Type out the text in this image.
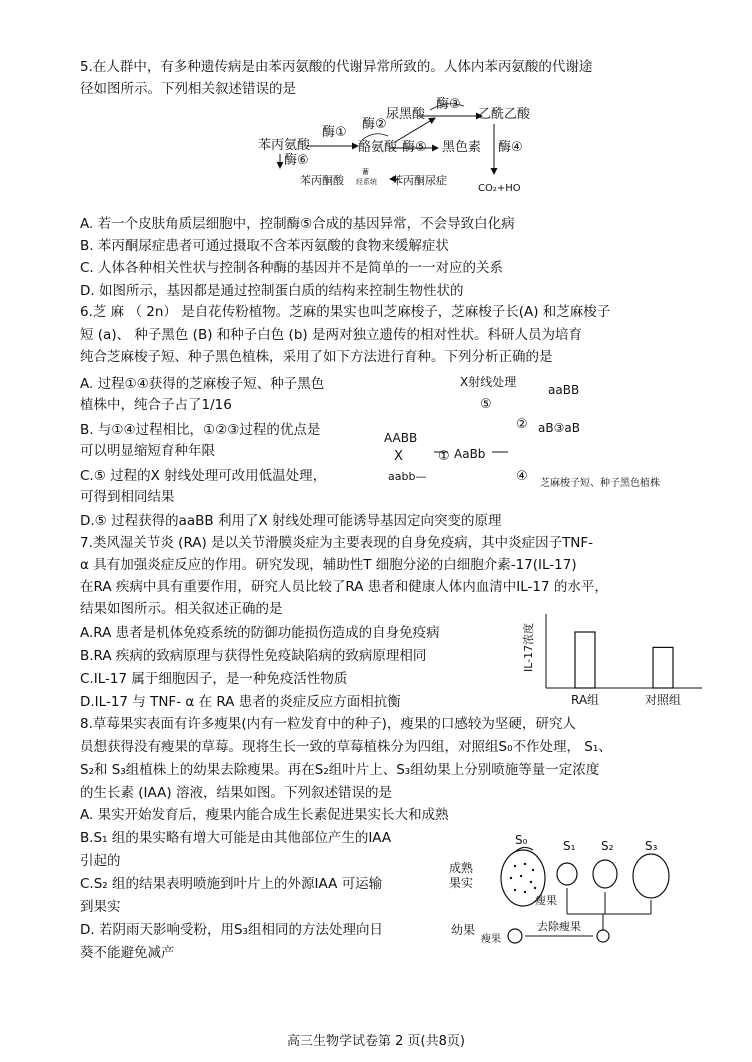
5.在人群中，有多种遗传病是由苯丙氨酸的代谢异常所致的。人体内苯丙氨酸的代谢途
径如图所示。下列相关叙述错误的是
苯丙氨酸
酶①
酶②
尿黑酸
酶③
乙酰乙酸
酪氨酸 酶⑤ 黑色素 酶④
酶⑥
苯丙酮酸
蓄
经系统 苯丙酮尿症
CO₂+HO
A. 若一个皮肤角质层细胞中，控制酶⑤合成的基因异常，不会导致白化病
B. 苯丙酮尿症患者可通过摄取不含苯丙氨酸的食物来缓解症状
C. 人体各种相关性状与控制各种酶的基因并不是简单的一一对应的关系
D. 如图所示，基因都是通过控制蛋白质的结构来控制生物性状的
6.芝 麻 （ 2n） 是自花传粉植物。芝麻的果实也叫芝麻梭子，芝麻梭子长(A) 和芝麻梭子
短 (a)、 种子黑色 (B) 和种子白色 (b) 是两对独立遗传的相对性状。科研人员为培育
纯合芝麻梭子短、种子黑色植株，采用了如下方法进行育种。下列分析正确的是
A. 过程①④获得的芝麻梭子短、种子黑色
植株中，纯合子占了1/16
B. 与①④过程相比，①②③过程的优点是
可以明显缩短育种年限
C.⑤ 过程的X 射线处理可改用低温处理，
可得到相同结果
D.⑤ 过程获得的aaBB 利用了X 射线处理可能诱导基因定向突变的原理
X射线处理
⑤
aaBB
② aB③aB
AABB
X	① AaBb
aabb—	④ 芝麻梭子短、种子黑色植株
7.类风湿关节炎 (RA) 是以关节滑膜炎症为主要表现的自身免疫病，其中炎症因子TNF-
α 具有加强炎症反应的作用。研究发现，辅助性T 细胞分泌的白细胞介素-17(IL-17)
在RA 疾病中具有重要作用，研究人员比较了RA 患者和健康人体内血清中IL-17 的水平，
结果如图所示。相关叙述正确的是
A.RA 患者是机体免疫系统的防御功能损伤造成的自身免疫病
B.RA 疾病的致病原理与获得性免疫缺陷病的致病原理相同
C.IL-17 属于细胞因子，是一种免疫活性物质
D.IL-17 与 TNF- α 在 RA 患者的炎症反应方面相抗衡
IL-17浓度
RA组	对照组
8.草莓果实表面有许多瘦果(内有一粒发育中的种子)，瘦果的口感较为坚硬，研究人
员想获得没有瘦果的草莓。现将生长一致的草莓植株分为四组，对照组S₀不作处理， S₁、
S₂和 S₃组植株上的幼果去除瘦果。再在S₂组叶片上、S₃组幼果上分别喷施等量一定浓度
的生长素 (IAA) 溶液，结果如图。下列叙述错误的是
A. 果实开始发育后，瘦果内能合成生长素促进果实长大和成熟
B.S₁ 组的果实略有增大可能是由其他部位产生的IAA
引起的
C.S₂ 组的结果表明喷施到叶片上的外源IAA 可运输
到果实
D. 若阴雨天影响受粉，用S₃组相同的方法处理向日
葵不能避免减产
S₀	S₁ S₂	S₃
成熟
果实
瘦果
幼果
瘦果
去除瘦果
高三生物学试卷第 2 页(共8页)
